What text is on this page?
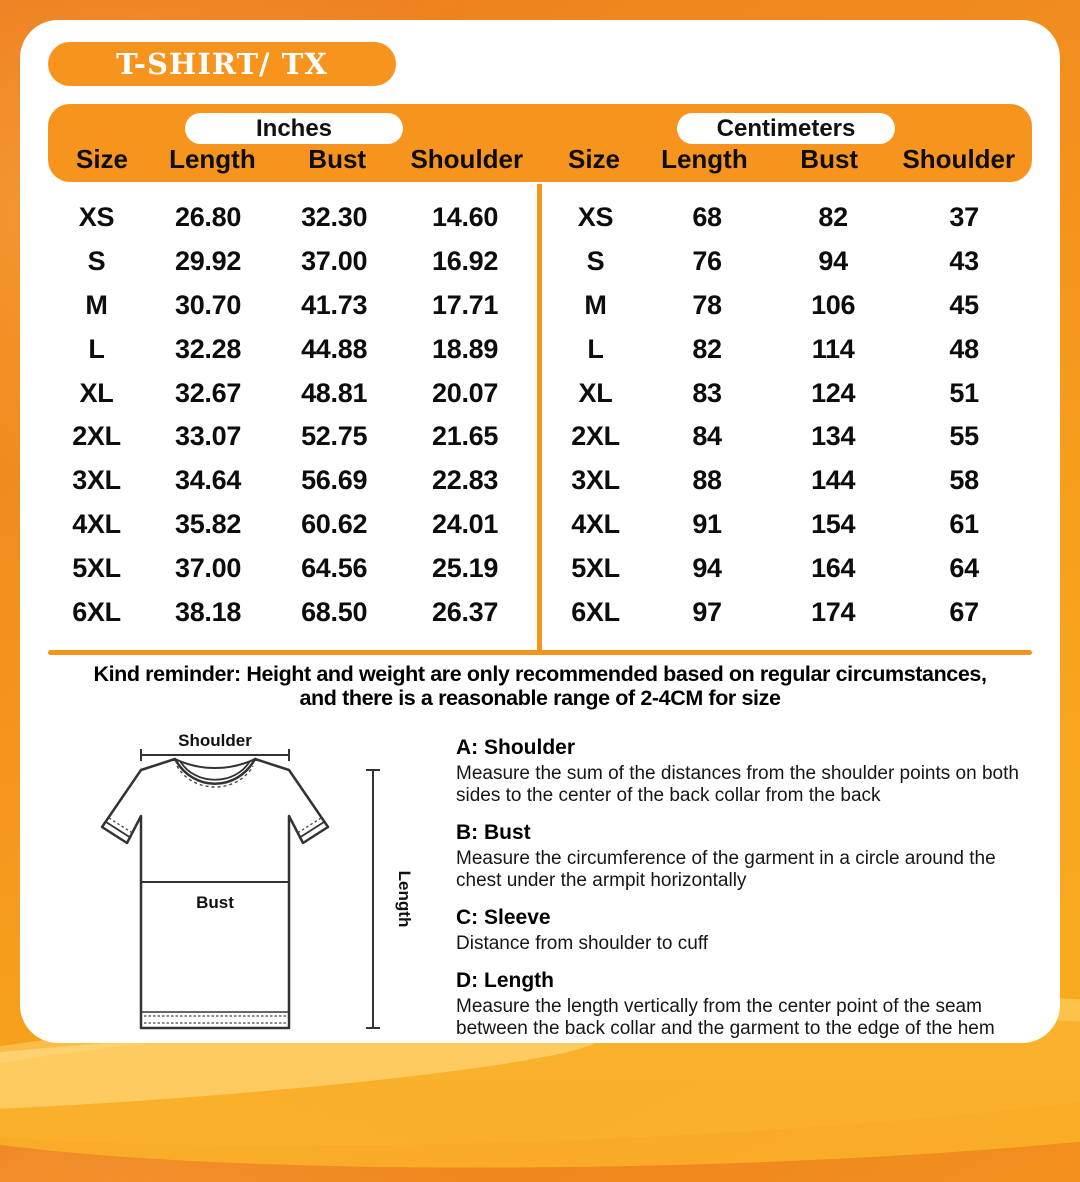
T-SHIRT/ TX
Inches
Size	Length	Bust	Shoulder
Centimeters
Size	Length	Bust	Shoulder
XS	26.80	32.30	14.60
S	29.92	37.00	16.92
M	30.70	41.73	17.71
L	32.28	44.88	18.89
XL	32.67	48.81	20.07
2XL	33.07	52.75	21.65
3XL	34.64	56.69	22.83
4XL	35.82	60.62	24.01
5XL	37.00	64.56	25.19
6XL	38.18	68.50	26.37
XS	68	82	37
S	76	94	43
M	78	106	45
L	82	114	48
XL	83	124	51
2XL	84	134	55
3XL	88	144	58
4XL	91	154	61
5XL	94	164	64
6XL	97	174	67
Kind reminder: Height and weight are only recommended based on regular circumstances,
and there is a reasonable range of 2-4CM for size
Shoulder
Bust	Length
A: Shoulder
Measure the sum of the distances from the shoulder points on both sides to the center of the back collar from the back
B: Bust
Measure the circumference of the garment in a circle around the chest under the armpit horizontally
C: Sleeve
Distance from shoulder to cuff
D: Length
Measure the length vertically from the center point of the seam between the back collar and the garment to the edge of the hem
